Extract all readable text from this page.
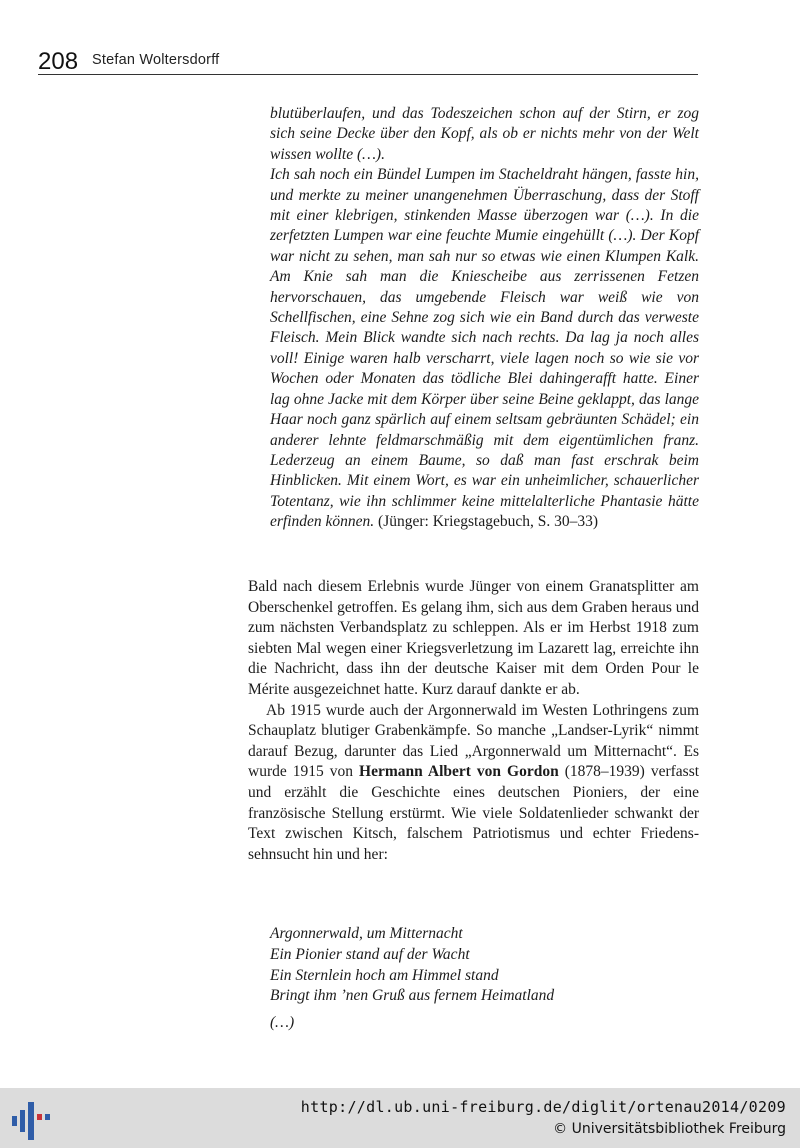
208 Stefan Woltersdorff

blutüberlaufen, und das Todeszeichen schon auf der Stirn, er zog sich seine Decke über den Kopf, als ob er nichts mehr von der Welt wissen wollte (…).

Ich sah noch ein Bündel Lumpen im Stacheldraht hängen, fasste hin, und merkte zu meiner unangenehmen Überraschung, dass der Stoff mit einer klebrigen, stinkenden Masse überzogen war (…). In die zerfetzten Lumpen war eine feuchte Mumie eingehüllt (…). Der Kopf war nicht zu sehen, man sah nur so etwas wie einen Klumpen Kalk. Am Knie sah man die Kniescheibe aus zerrissenen Fetzen hervorschauen, das umgebende Fleisch war weiß wie von Schellfischen, eine Sehne zog sich wie ein Band durch das verweste Fleisch. Mein Blick wandte sich nach rechts. Da lag ja noch alles voll! Einige waren halb verscharrt, viele lagen noch so wie sie vor Wochen oder Monaten das tödliche Blei dahingerafft hatte. Einer lag ohne Jacke mit dem Körper über seine Beine geklappt, das lange Haar noch ganz spärlich auf einem seltsam gebräunten Schädel; ein anderer lehnte feldmarschmäßig mit dem eigentümlichen franz. Lederzeug an einem Baume, so daß man fast erschrak beim Hinblicken. Mit einem Wort, es war ein unheimlicher, schauerlicher Totentanz, wie ihn schlimmer keine mittelalterliche Phantasie hätte erfinden können. (Jünger: Kriegstagebuch, S. 30–33)

Bald nach diesem Erlebnis wurde Jünger von einem Granatsplitter am Oberschenkel getroffen. Es gelang ihm, sich aus dem Graben heraus und zum nächsten Verbandsplatz zu schleppen. Als er im Herbst 1918 zum siebten Mal wegen einer Kriegsverletzung im Lazarett lag, erreichte ihn die Nachricht, dass ihn der deutsche Kaiser mit dem Orden Pour le Mérite ausgezeichnet hatte. Kurz darauf dankte er ab.

Ab 1915 wurde auch der Argonnerwald im Westen Lothringens zum Schauplatz blutiger Grabenkämpfe. So manche „Landser-Lyrik“ nimmt darauf Bezug, darunter das Lied „Argonnerwald um Mitternacht“. Es wurde 1915 von Hermann Albert von Gordon (1878–1939) verfasst und erzählt die Geschichte eines deutschen Pioniers, der eine französische Stellung erstürmt. Wie viele Soldatenlieder schwankt der Text zwischen Kitsch, falschem Patriotismus und echter Friedenssehnsucht hin und her:

Argonnerwald, um Mitternacht
Ein Pionier stand auf der Wacht
Ein Sternlein hoch am Himmel stand
Bringt ihm ’nen Gruß aus fernem Heimatland
(…)
http://dl.ub.uni-freiburg.de/diglit/ortenau2014/0209
© Universitätsbibliothek Freiburg
